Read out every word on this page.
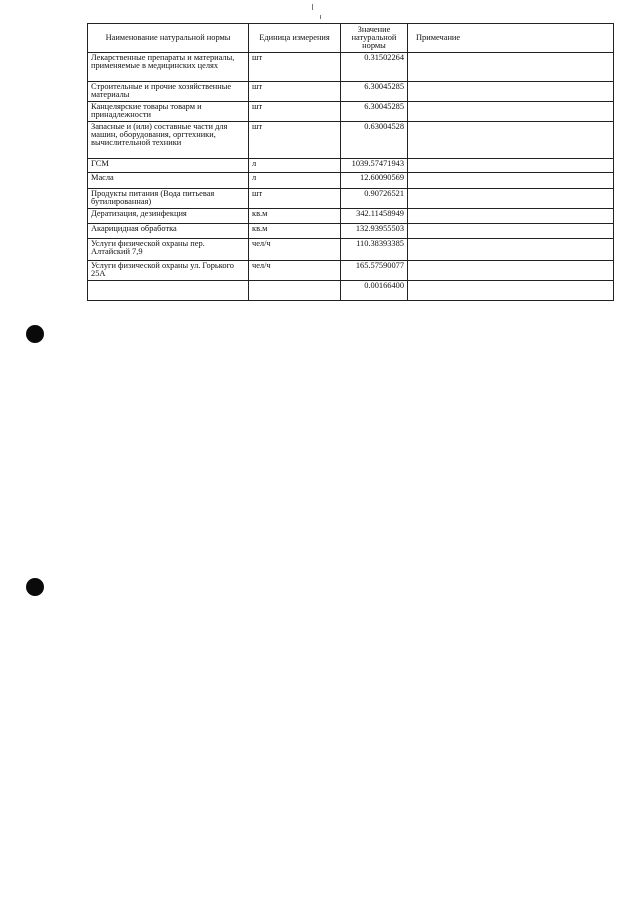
Наименование натуральной нормы	Единица измерения	Значение натуральной нормы	Примечание
Лекарственные препараты и материалы, применяемые в медицинских целях	шт	0.31502264	
Строительные и прочие хозяйственные материалы	шт	6.30045285	
Канцелярские товары товарм и принадлежности	шт	6.30045285	
Запасные и (или) составные части для машин, оборудования, оргтехники, вычислительной техники	шт	0.63004528	
ГСМ	л	1039.57471943	
Масла	л	12.60090569	
Продукты питания (Вода питьевая бутилированная)	шт	0.90726521	
Дератизация, дезинфекция	кв.м	342.11458949	
Акарицидная обработка	кв.м	132.93955503	
Услуги физической охраны пер. Алтайский 7,9	чел/ч	110.38393385	
Услуги физической охраны ул. Горького 25А	чел/ч	165.57590077	
		0.00166400	
